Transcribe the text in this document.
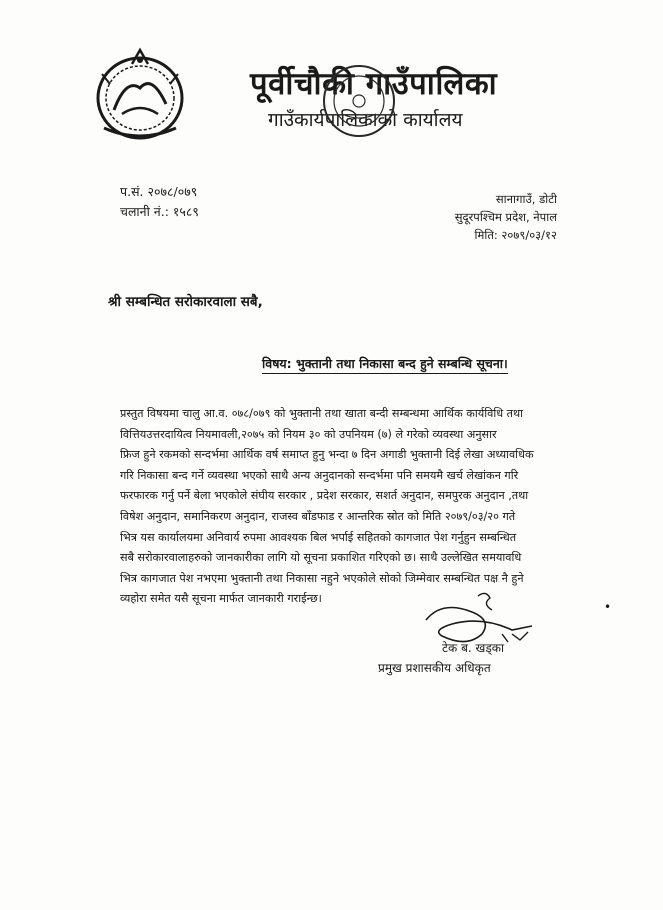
पूर्वीचौकी गाउँपालिका
गाउँकार्यपालिकाको कार्यालय
प.सं. २०७८/०७९
चलानी नं.: १५८९
सानागाउँ, डोटी
सुदूरपश्चिम प्रदेश, नेपाल
मिति: २०७९/०३/१२
श्री सम्बन्धित सरोकारवाला सबै,
विषय: भुक्तानी तथा निकासा बन्द हुने सम्बन्धि सूचना।
प्रस्तुत विषयमा चालु आ.व. ०७८/०७९ को भुक्तानी तथा खाता बन्दी सम्बन्धमा आर्थिक कार्यविधि तथा
वित्तियउत्तरदायित्व नियमावली,२०७५ को नियम ३० को उपनियम (७) ले गरेको व्यवस्था अनुसार
फ्रिज हुने रकमको सन्दर्भमा आर्थिक वर्ष समाप्त हुनु भन्दा ७ दिन अगाडी भुक्तानी दिई लेखा अध्यावधिक
गरि निकासा बन्द गर्ने व्यवस्था भएको साथै अन्य अनुदानको सन्दर्भमा पनि समयमै खर्च लेखांकन गरि
फरफारक गर्नु पर्ने बेला भएकोले संघीय सरकार , प्रदेश सरकार, सशर्त अनुदान, समपुरक अनुदान ,तथा
विषेश अनुदान, समानिकरण अनुदान, राजस्व बाँडफाड र आन्तरिक स्रोत को मिति २०७९/०३/२० गते
भित्र यस कार्यालयमा अनिवार्य रुपमा आवश्यक बिल भर्पाई सहितको कागजात पेश गर्नुहुन सम्बन्धित
सबै सरोकारवालाहरुको जानकारीका लागि यो सूचना प्रकाशित गरिएको छ। साथै उल्लेखित समयावधि
भित्र कागजात पेश नभएमा भुक्तानी तथा निकासा नहुने भएकोले सोको जिम्मेवार सम्बन्धित पक्ष नै हुने
व्यहोरा समेत यसै सूचना मार्फत जानकारी गराईन्छ।
•
टेक ब. खड्का
प्रमुख प्रशासकीय अधिकृत
